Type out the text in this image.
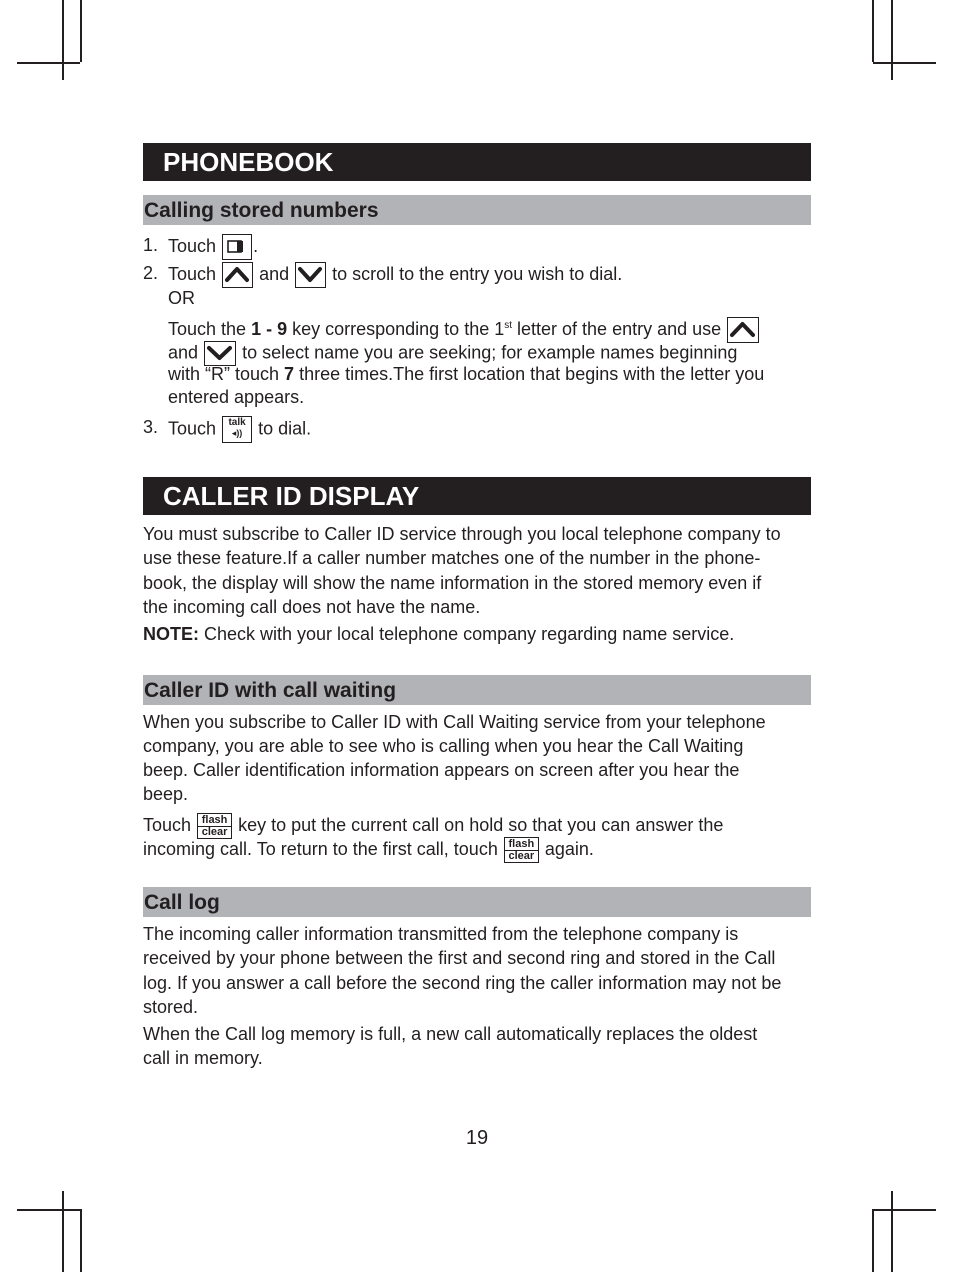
PHONEBOOK
Calling stored numbers
1. Touch .
2. Touch and to scroll to the entry you wish to dial.
OR
Touch the 1 - 9 key corresponding to the 1st letter of the entry and use
and to select name you are seeking; for example names beginning
with “R” touch 7 three times.The first location that begins with the letter you
entered appears.
3. Touch	talk
◂)) to dial.
CALLER ID DISPLAY
You must subscribe to Caller ID service through you local telephone company to
use these feature.If a caller number matches one of the number in the phone-
book, the display will show the name information in the stored memory even if
the incoming call does not have the name.
NOTE: Check with your local telephone company regarding name service.
Caller ID with call waiting
When you subscribe to Caller ID with Call Waiting service from your telephone
company, you are able to see who is calling when you hear the Call Waiting
beep. Caller identification information appears on screen after you hear the
beep.
Touch flash
clear key to put the current call on hold so that you can answer the
incoming call. To return to the first call, touch flash
clear again.
Call log
The incoming caller information transmitted from the telephone company is
received by your phone between the first and second ring and stored in the Call
log. If you answer a call before the second ring the caller information may not be
stored.
When the Call log memory is full, a new call automatically replaces the oldest
call in memory.
19
